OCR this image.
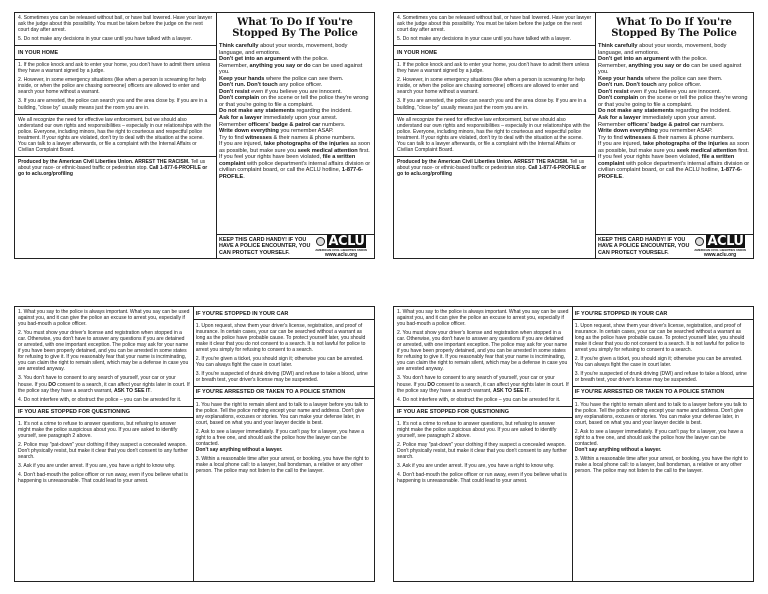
4. Sometimes you can be released without bail, or have bail lowered. Have your lawyer ask the judge about this possibility. You must be taken before the judge on the next court day after arrest.

5. Do not make any decisions in your case until you have talked with a lawyer.

IN YOUR HOME

1. If the police knock and ask to enter your home, you don't have to admit them unless they have a warrant signed by a judge.

2. However, in some emergency situations (like when a person is screaming for help inside, or when the police are chasing someone) officers are allowed to enter and search your home without a warrant.

3. If you are arrested, the police can search you and the area close by. If you are in a building, "close by" usually means just the room you are in.

We all recognize the need for effective law enforcement, but we should also understand our own rights and responsibilities – especially in our relationships with the police. Everyone, including minors, has the right to courteous and respectful police treatment. If your rights are violated, don't try to deal with the situation at the scene. You can talk to a lawyer afterwards, or file a complaint with the Internal Affairs or Civilian Complaint Board.

Produced by the American Civil Liberties Union. ARREST THE RACISM. Tell us about your race- or ethnic-based traffic or pedestrian stop. Call 1-877-6-PROFILE or go to aclu.org/profiling

What To Do If You're Stopped By The Police
Think carefully about your words, movement, body language, and emotions.
Don't get into an argument with the police.
Remember, anything you say or do can be used against you.
Keep your hands where the police can see them.
Don't run. Don't touch any police officer.
Don't resist even if you believe you are innocent.
Don't complain on the scene or tell the police they're wrong or that you're going to file a complaint.
Do not make any statements regarding the incident.
Ask for a lawyer immediately upon your arrest.
Remember officers' badge & patrol car numbers.
Write down everything you remember ASAP.
Try to find witnesses & their names & phone numbers.
If you are injured, take photographs of the injuries as soon as possible, but make sure you seek medical attention first.
If you feel your rights have been violated, file a written complaint with police department's internal affairs division or civilian complaint board, or call the ACLU hotline, 1-877-6-PROFILE.
KEEP THIS CARD HANDY! IF YOU HAVE A POLICE ENCOUNTER, YOU CAN PROTECT YOURSELF.
ACLU
AMERICAN CIVIL LIBERTIES UNION
www.aclu.org

4. Sometimes you can be released without bail, or have bail lowered. Have your lawyer ask the judge about this possibility. You must be taken before the judge on the next court day after arrest.

5. Do not make any decisions in your case until you have talked with a lawyer.

IN YOUR HOME

1. If the police knock and ask to enter your home, you don't have to admit them unless they have a warrant signed by a judge.

2. However, in some emergency situations (like when a person is screaming for help inside, or when the police are chasing someone) officers are allowed to enter and search your home without a warrant.

3. If you are arrested, the police can search you and the area close by. If you are in a building, "close by" usually means just the room you are in.

We all recognize the need for effective law enforcement, but we should also understand our own rights and responsibilities – especially in our relationships with the police. Everyone, including minors, has the right to courteous and respectful police treatment. If your rights are violated, don't try to deal with the situation at the scene. You can talk to a lawyer afterwards, or file a complaint with the Internal Affairs or Civilian Complaint Board.

Produced by the American Civil Liberties Union. ARREST THE RACISM. Tell us about your race- or ethnic-based traffic or pedestrian stop. Call 1-877-6-PROFILE or go to aclu.org/profiling

What To Do If You're Stopped By The Police
Think carefully about your words, movement, body language, and emotions.
Don't get into an argument with the police.
Remember, anything you say or do can be used against you.
Keep your hands where the police can see them.
Don't run. Don't touch any police officer.
Don't resist even if you believe you are innocent.
Don't complain on the scene or tell the police they're wrong or that you're going to file a complaint.
Do not make any statements regarding the incident.
Ask for a lawyer immediately upon your arrest.
Remember officers' badge & patrol car numbers.
Write down everything you remember ASAP.
Try to find witnesses & their names & phone numbers.
If you are injured, take photographs of the injuries as soon as possible, but make sure you seek medical attention first.
If you feel your rights have been violated, file a written complaint with police department's internal affairs division or civilian complaint board, or call the ACLU hotline, 1-877-6-PROFILE.
KEEP THIS CARD HANDY! IF YOU HAVE A POLICE ENCOUNTER, YOU CAN PROTECT YOURSELF.
ACLU
AMERICAN CIVIL LIBERTIES UNION
www.aclu.org

1. What you say to the police is always important. What you say can be used against you, and it can give the police an excuse to arrest you, especially if you bad-mouth a police officer.

2. You must show your driver's license and registration when stopped in a car. Otherwise, you don't have to answer any questions if you are detained or arrested, with one important exception. The police may ask for your name if you have been properly detained, and you can be arrested in some states for refusing to give it. If you reasonably fear that your name is incriminating, you can claim the right to remain silent, which may be a defense in case you are arrested anyway.

3. You don't have to consent to any search of yourself, your car or your house. If you DO consent to a search, it can affect your rights later in court. If the police say they have a search warrant, ASK TO SEE IT.

4. Do not interfere with, or obstruct the police – you can be arrested for it.

IF YOU ARE STOPPED FOR QUESTIONING

1. It's not a crime to refuse to answer questions, but refusing to answer might make the police suspicious about you. If you are asked to identify yourself, see paragraph 2 above.

2. Police may "pat-down" your clothing if they suspect a concealed weapon. Don't physically resist, but make it clear that you don't consent to any further search.

3. Ask if you are under arrest. If you are, you have a right to know why.

4. Don't bad-mouth the police officer or run away, even if you believe what is happening is unreasonable. That could lead to your arrest.

IF YOU'RE STOPPED IN YOUR CAR

1. Upon request, show them your driver's license, registration, and proof of insurance. In certain cases, your car can be searched without a warrant as long as the police have probable cause. To protect yourself later, you should make it clear that you do not consent to a search. It is not lawful for police to arrest you simply for refusing to consent to a search.

2. If you're given a ticket, you should sign it; otherwise you can be arrested. You can always fight the case in court later.

3. If you're suspected of drunk driving (DWI) and refuse to take a blood, urine or breath test, your driver's license may be suspended.

IF YOU'RE ARRESTED OR TAKEN TO A POLICE STATION

1. You have the right to remain silent and to talk to a lawyer before you talk to the police. Tell the police nothing except your name and address. Don't give any explanations, excuses or stories. You can make your defense later, in court, based on what you and your lawyer decide is best.

2. Ask to see a lawyer immediately. If you can't pay for a lawyer, you have a right to a free one, and should ask the police how the lawyer can be contacted.
Don't say anything without a lawyer.

3. Within a reasonable time after your arrest, or booking, you have the right to make a local phone call: to a lawyer, bail bondsman, a relative or any other person. The police may not listen to the call to the lawyer.

1. What you say to the police is always important. What you say can be used against you, and it can give the police an excuse to arrest you, especially if you bad-mouth a police officer.

2. You must show your driver's license and registration when stopped in a car. Otherwise, you don't have to answer any questions if you are detained or arrested, with one important exception. The police may ask for your name if you have been properly detained, and you can be arrested in some states for refusing to give it. If you reasonably fear that your name is incriminating, you can claim the right to remain silent, which may be a defense in case you are arrested anyway.

3. You don't have to consent to any search of yourself, your car or your house. If you DO consent to a search, it can affect your rights later in court. If the police say they have a search warrant, ASK TO SEE IT.

4. Do not interfere with, or obstruct the police – you can be arrested for it.

IF YOU ARE STOPPED FOR QUESTIONING

1. It's not a crime to refuse to answer questions, but refusing to answer might make the police suspicious about you. If you are asked to identify yourself, see paragraph 2 above.

2. Police may "pat-down" your clothing if they suspect a concealed weapon. Don't physically resist, but make it clear that you don't consent to any further search.

3. Ask if you are under arrest. If you are, you have a right to know why.

4. Don't bad-mouth the police officer or run away, even if you believe what is happening is unreasonable. That could lead to your arrest.

IF YOU'RE STOPPED IN YOUR CAR

1. Upon request, show them your driver's license, registration, and proof of insurance. In certain cases, your car can be searched without a warrant as long as the police have probable cause. To protect yourself later, you should make it clear that you do not consent to a search. It is not lawful for police to arrest you simply for refusing to consent to a search.

2. If you're given a ticket, you should sign it; otherwise you can be arrested. You can always fight the case in court later.

3. If you're suspected of drunk driving (DWI) and refuse to take a blood, urine or breath test, your driver's license may be suspended.

IF YOU'RE ARRESTED OR TAKEN TO A POLICE STATION

1. You have the right to remain silent and to talk to a lawyer before you talk to the police. Tell the police nothing except your name and address. Don't give any explanations, excuses or stories. You can make your defense later, in court, based on what you and your lawyer decide is best.

2. Ask to see a lawyer immediately. If you can't pay for a lawyer, you have a right to a free one, and should ask the police how the lawyer can be contacted.
Don't say anything without a lawyer.

3. Within a reasonable time after your arrest, or booking, you have the right to make a local phone call: to a lawyer, bail bondsman, a relative or any other person. The police may not listen to the call to the lawyer.
